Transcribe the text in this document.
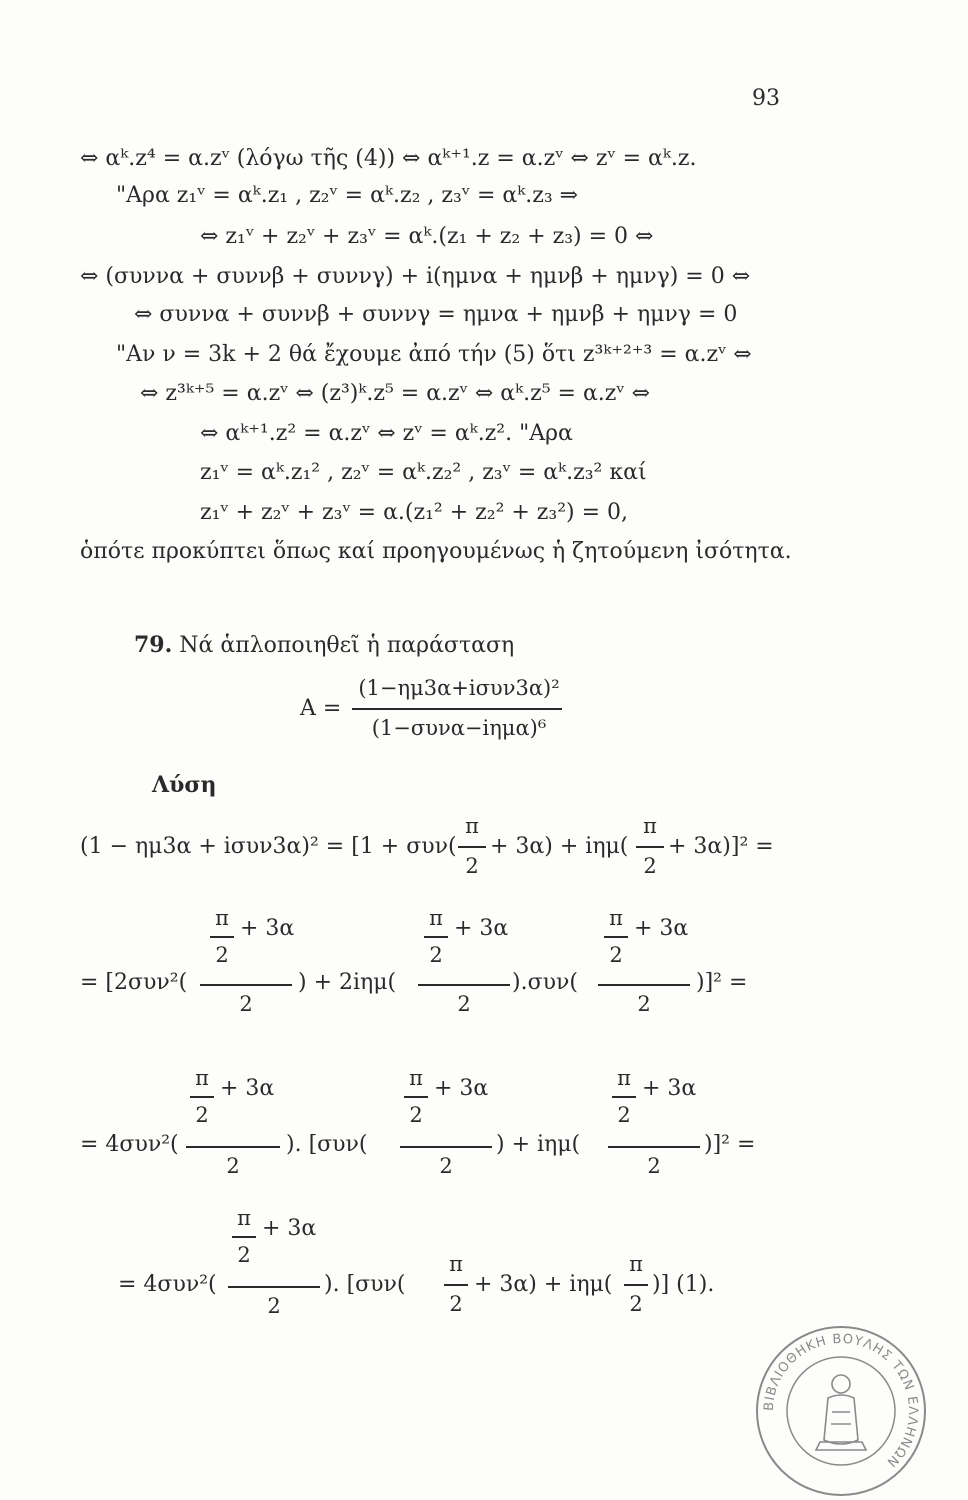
93
⇔ αᵏ.z⁴ = α.zᵛ (λόγω τῆς (4)) ⇔ αᵏ⁺¹.z = α.zᵛ ⇔ zᵛ = αᵏ.z.
"Αρα z₁ᵛ = αᵏ.z₁ , z₂ᵛ = αᵏ.z₂ , z₃ᵛ = αᵏ.z₃ ⇒
⇔ z₁ᵛ + z₂ᵛ + z₃ᵛ = αᵏ.(z₁ + z₂ + z₃) = 0 ⇔
⇔ (συννα + συννβ + συννγ) + i(ημνα + ημνβ + ημνγ) = 0 ⇔
⇔ συννα + συννβ + συννγ = ημνα + ημνβ + ημνγ = 0
"Αν ν = 3k + 2 θά ἔχουμε ἀπό τήν (5) ὅτι z³ᵏ⁺²⁺³ = α.zᵛ ⇔
⇔ z³ᵏ⁺⁵ = α.zᵛ ⇔ (z³)ᵏ.z⁵ = α.zᵛ ⇔ αᵏ.z⁵ = α.zᵛ ⇔
⇔ αᵏ⁺¹.z² = α.zᵛ ⇔ zᵛ = αᵏ.z². "Αρα
z₁ᵛ = αᵏ.z₁² , z₂ᵛ = αᵏ.z₂² , z₃ᵛ = αᵏ.z₃² καί
z₁ᵛ + z₂ᵛ + z₃ᵛ = α.(z₁² + z₂² + z₃²) = 0,
ὁπότε προκύπτει ὅπως καί προηγουμένως ἡ ζητούμενη ἰσότητα.
79. Νά ἁπλοποιηθεῖ ἡ παράσταση
A =
(1−ημ3α+iσυν3α)²
(1−συνα−iημα)⁶
Λύση
(1 − ημ3α + iσυν3α)² = [1 + συν(
π
2
+ 3α) + iημ(
π
2
+ 3α)]² =
= [2συν²(
π
2
+ 3α
2
) + 2iημ(
π
2
+ 3α
2
).συν(
π
2
+ 3α
2
)]² =
= 4συν²(
π
2
+ 3α
2
). [συν(
π
2
+ 3α
2
) + iημ(
π
2
+ 3α
2
)]² =
= 4συν²(
π
2
+ 3α
2
). [συν(
π
2
+ 3α) + iημ(
π
2
)] (1).
ΒΙΒΛΙΟΘΗΚΗ ΒΟΥΛΗΣ ΤΩΝ ΕΛΛΗΝΩΝ
